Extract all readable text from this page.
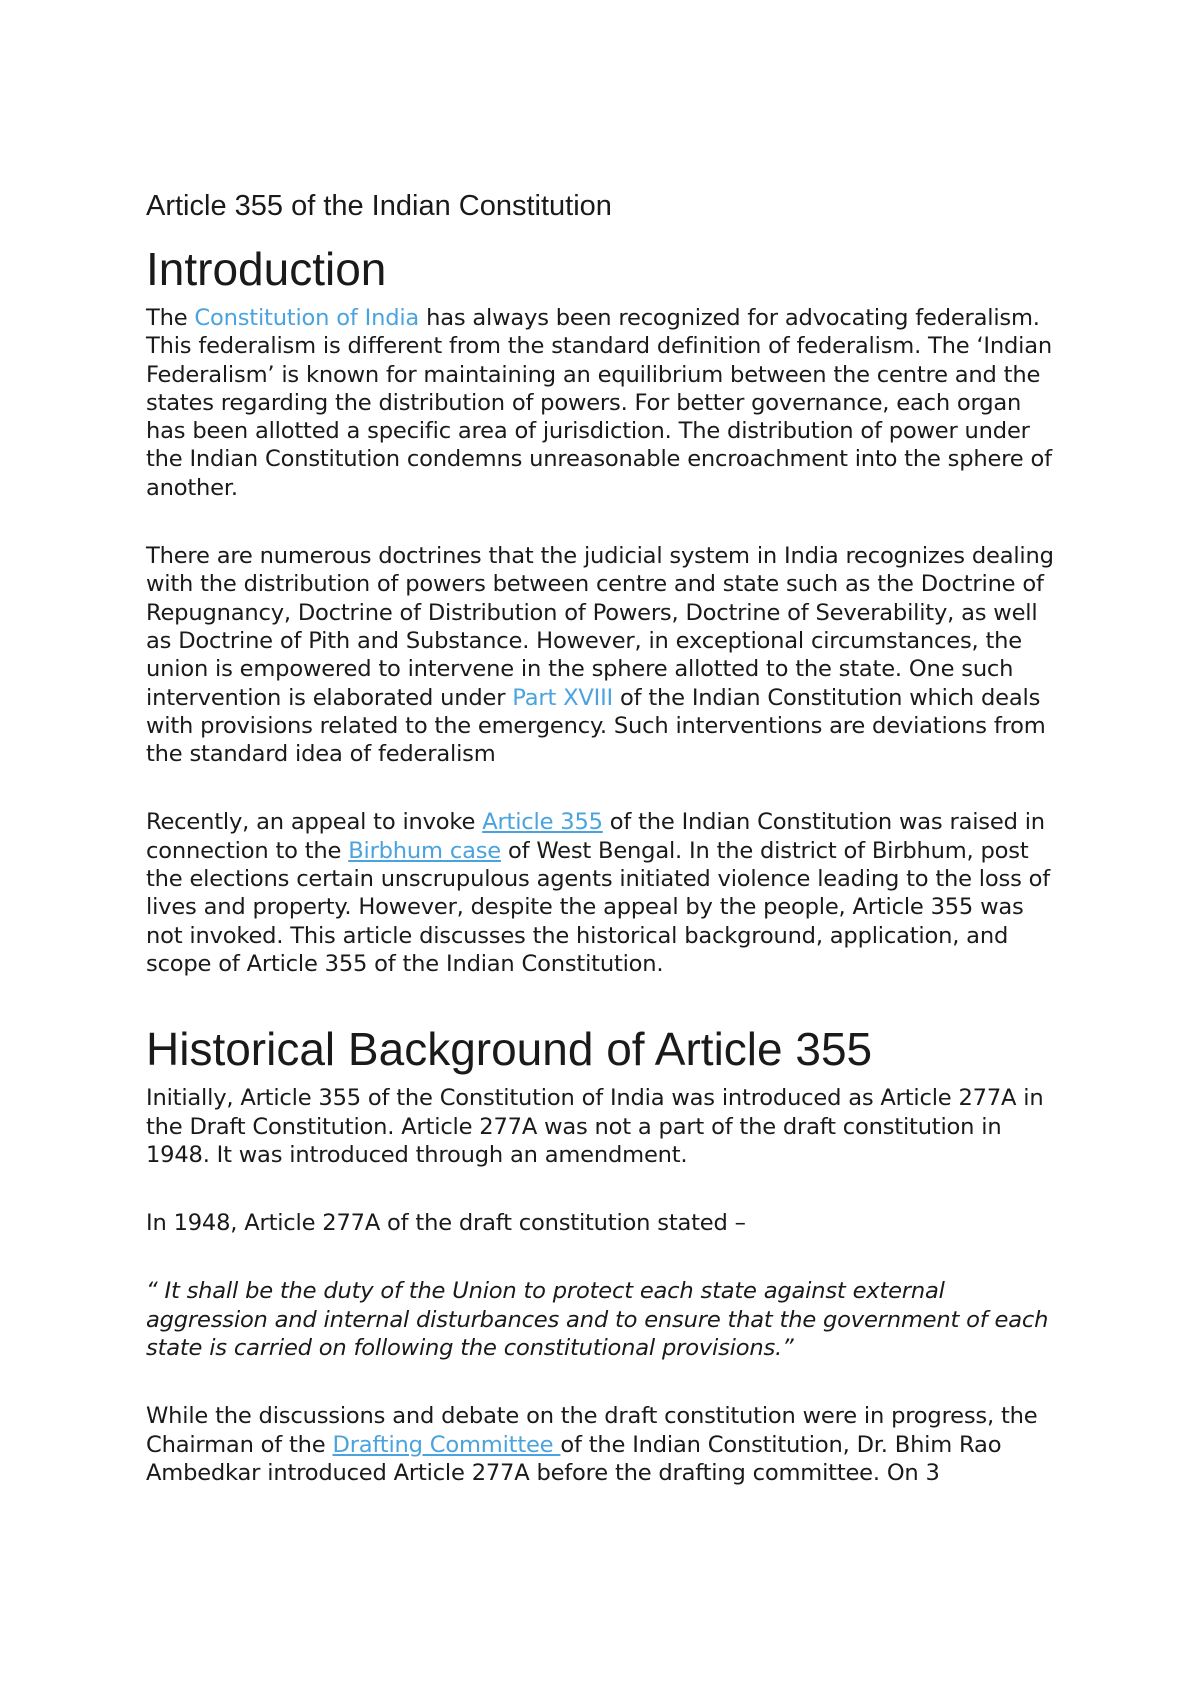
Article 355 of the Indian Constitution
Introduction

The Constitution of India has always been recognized for advocating federalism. This federalism is different from the standard definition of federalism. The ‘Indian Federalism’ is known for maintaining an equilibrium between the centre and the states regarding the distribution of powers. For better governance, each organ has been allotted a specific area of jurisdiction. The distribution of power under the Indian Constitution condemns unreasonable encroachment into the sphere of another.

There are numerous doctrines that the judicial system in India recognizes dealing with the distribution of powers between centre and state such as the Doctrine of Repugnancy, Doctrine of Distribution of Powers, Doctrine of Severability, as well as Doctrine of Pith and Substance. However, in exceptional circumstances, the union is empowered to intervene in the sphere allotted to the state. One such intervention is elaborated under Part XVIII of the Indian Constitution which deals with provisions related to the emergency. Such interventions are deviations from the standard idea of federalism

Recently, an appeal to invoke Article 355 of the Indian Constitution was raised in connection to the Birbhum case of West Bengal. In the district of Birbhum, post the elections certain unscrupulous agents initiated violence leading to the loss of lives and property. However, despite the appeal by the people, Article 355 was not invoked. This article discusses the historical background, application, and scope of Article 355 of the Indian Constitution.

Historical Background of Article 355

Initially, Article 355 of the Constitution of India was introduced as Article 277A in the Draft Constitution. Article 277A was not a part of the draft constitution in 1948. It was introduced through an amendment.

In 1948, Article 277A of the draft constitution stated –

“ It shall be the duty of the Union to protect each state against external aggression and internal disturbances and to ensure that the government of each state is carried on following the constitutional provisions.”

While the discussions and debate on the draft constitution were in progress, the Chairman of the Drafting Committee of the Indian Constitution, Dr. Bhim Rao Ambedkar introduced Article 277A before the drafting committee. On 3
